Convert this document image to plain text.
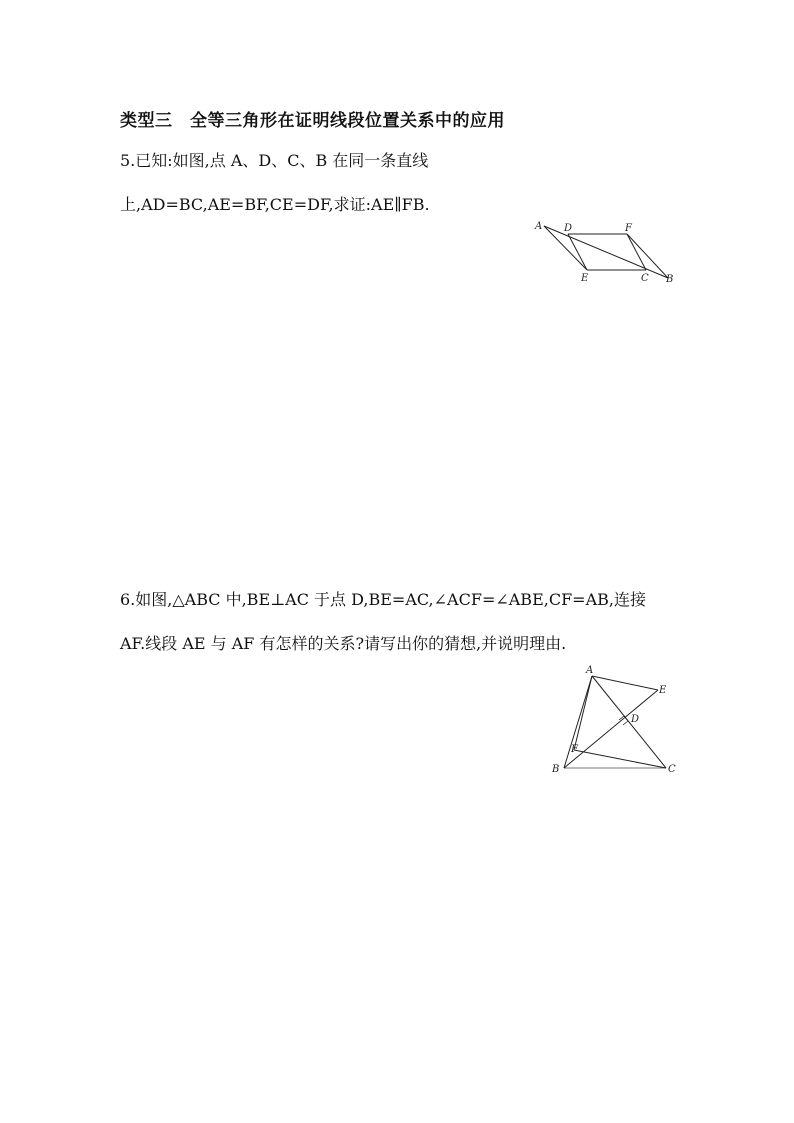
类型三　全等三角形在证明线段位置关系中的应用
5.已知:如图,点 A、D、C、B 在同一条直线
上,AD=BC,AE=BF,CE=DF,求证:AE∥FB.
A D	F
E	C B
6.如图,△ABC 中,BE⊥AC 于点 D,BE=AC,∠ACF=∠ABE,CF=AB,连接
AF.线段 AE 与 AF 有怎样的关系?请写出你的猜想,并说明理由.
A
E
D
F
B	C
